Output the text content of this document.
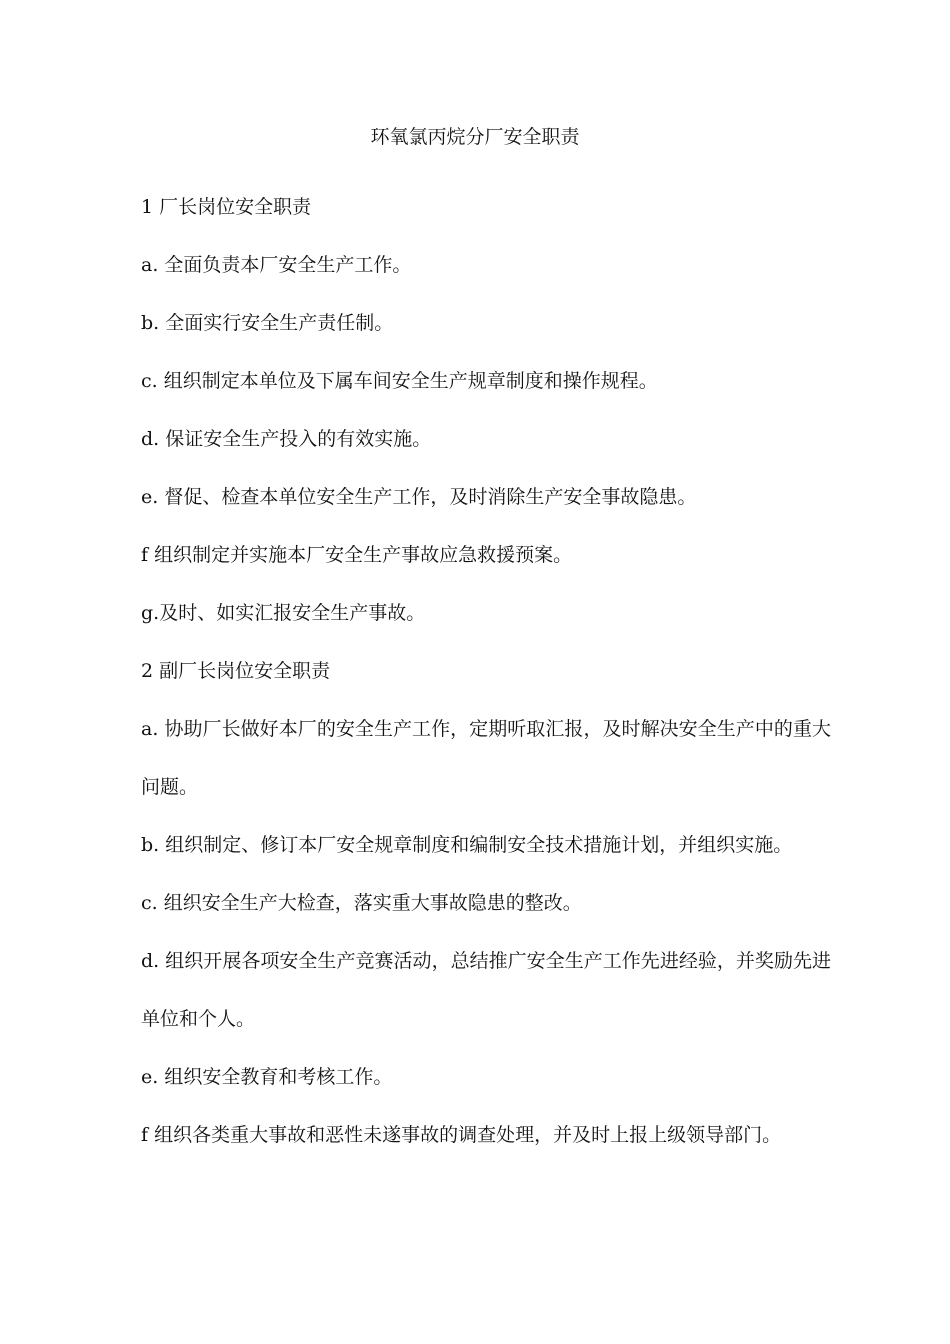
环氧氯丙烷分厂安全职责

1 厂长岗位安全职责

a. 全面负责本厂安全生产工作。

b. 全面实行安全生产责任制。

c. 组织制定本单位及下属车间安全生产规章制度和操作规程。

d. 保证安全生产投入的有效实施。

e. 督促、检查本单位安全生产工作，及时消除生产安全事故隐患。

f 组织制定并实施本厂安全生产事故应急救援预案。

g.及时、如实汇报安全生产事故。

2 副厂长岗位安全职责

a. 协助厂长做好本厂的安全生产工作，定期听取汇报，及时解决安全生产中的重大问题。

b. 组织制定、修订本厂安全规章制度和编制安全技术措施计划，并组织实施。

c. 组织安全生产大检查，落实重大事故隐患的整改。

d. 组织开展各项安全生产竞赛活动，总结推广安全生产工作先进经验，并奖励先进单位和个人。

e. 组织安全教育和考核工作。

f 组织各类重大事故和恶性未遂事故的调查处理，并及时上报上级领导部门。
